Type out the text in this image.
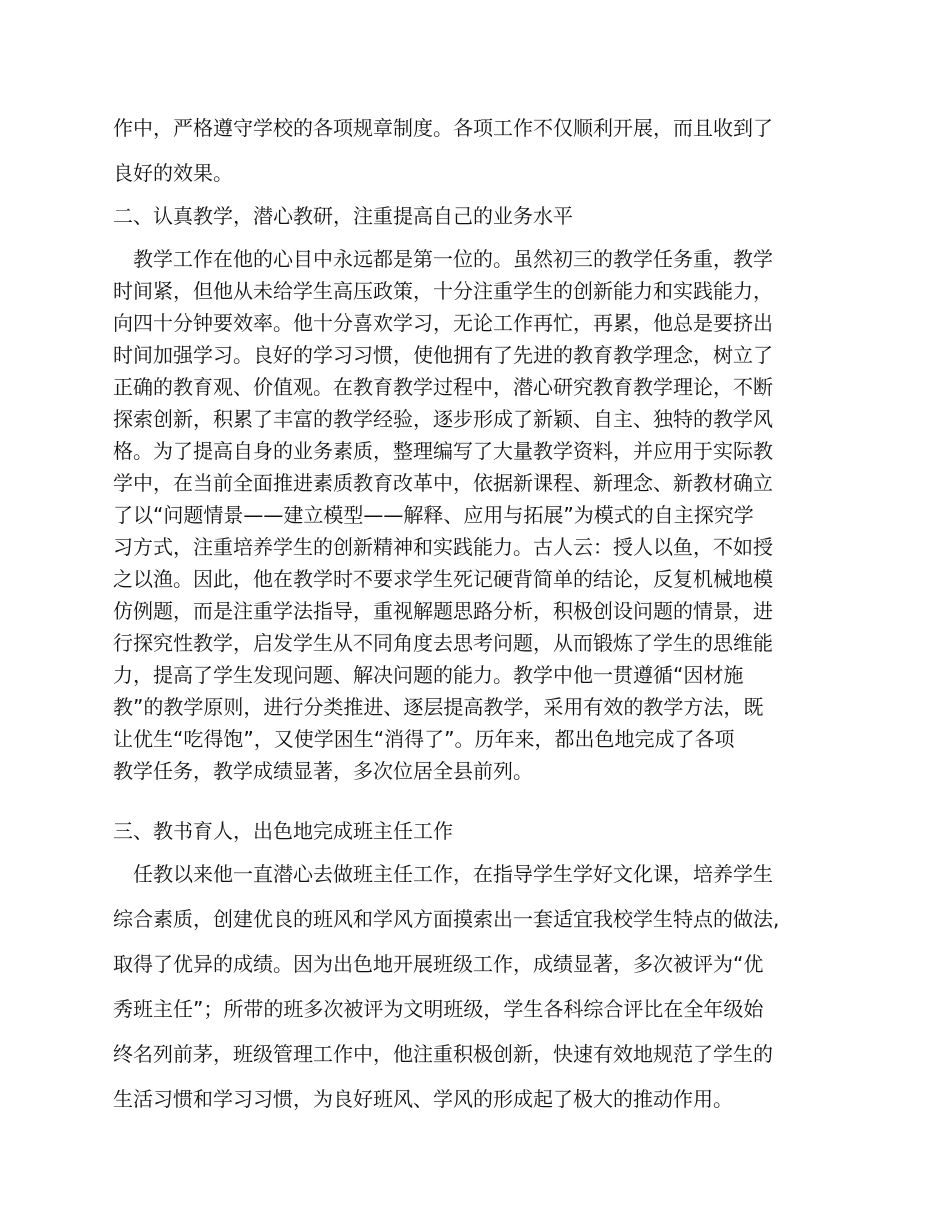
作中，严格遵守学校的各项规章制度。各项工作不仅顺利开展，而且收到了
良好的效果。
二、认真教学，潜心教研，注重提高自己的业务水平
　教学工作在他的心目中永远都是第一位的。虽然初三的教学任务重，教学
时间紧，但他从未给学生高压政策，十分注重学生的创新能力和实践能力，
向四十分钟要效率。他十分喜欢学习，无论工作再忙，再累，他总是要挤出
时间加强学习。良好的学习习惯，使他拥有了先进的教育教学理念，树立了
正确的教育观、价值观。在教育教学过程中，潜心研究教育教学理论，不断
探索创新，积累了丰富的教学经验，逐步形成了新颖、自主、独特的教学风
格。为了提高自身的业务素质，整理编写了大量教学资料，并应用于实际教
学中，在当前全面推进素质教育改革中，依据新课程、新理念、新教材确立
了以“问题情景——建立模型——解释、应用与拓展”为模式的自主探究学
习方式，注重培养学生的创新精神和实践能力。古人云：授人以鱼，不如授
之以渔。因此，他在教学时不要求学生死记硬背简单的结论，反复机械地模
仿例题，而是注重学法指导，重视解题思路分析，积极创设问题的情景，进
行探究性教学，启发学生从不同角度去思考问题，从而锻炼了学生的思维能
力，提高了学生发现问题、解决问题的能力。教学中他一贯遵循“因材施
教”的教学原则，进行分类推进、逐层提高教学，采用有效的教学方法，既
让优生“吃得饱”，又使学困生“消得了”。历年来，都出色地完成了各项
教学任务，教学成绩显著，多次位居全县前列。
三、教书育人，出色地完成班主任工作
　任教以来他一直潜心去做班主任工作，在指导学生学好文化课，培养学生
综合素质，创建优良的班风和学风方面摸索出一套适宜我校学生特点的做法,
取得了优异的成绩。因为出色地开展班级工作，成绩显著，多次被评为“优
秀班主任”；所带的班多次被评为文明班级，学生各科综合评比在全年级始
终名列前茅，班级管理工作中，他注重积极创新，快速有效地规范了学生的
生活习惯和学习习惯，为良好班风、学风的形成起了极大的推动作用。
